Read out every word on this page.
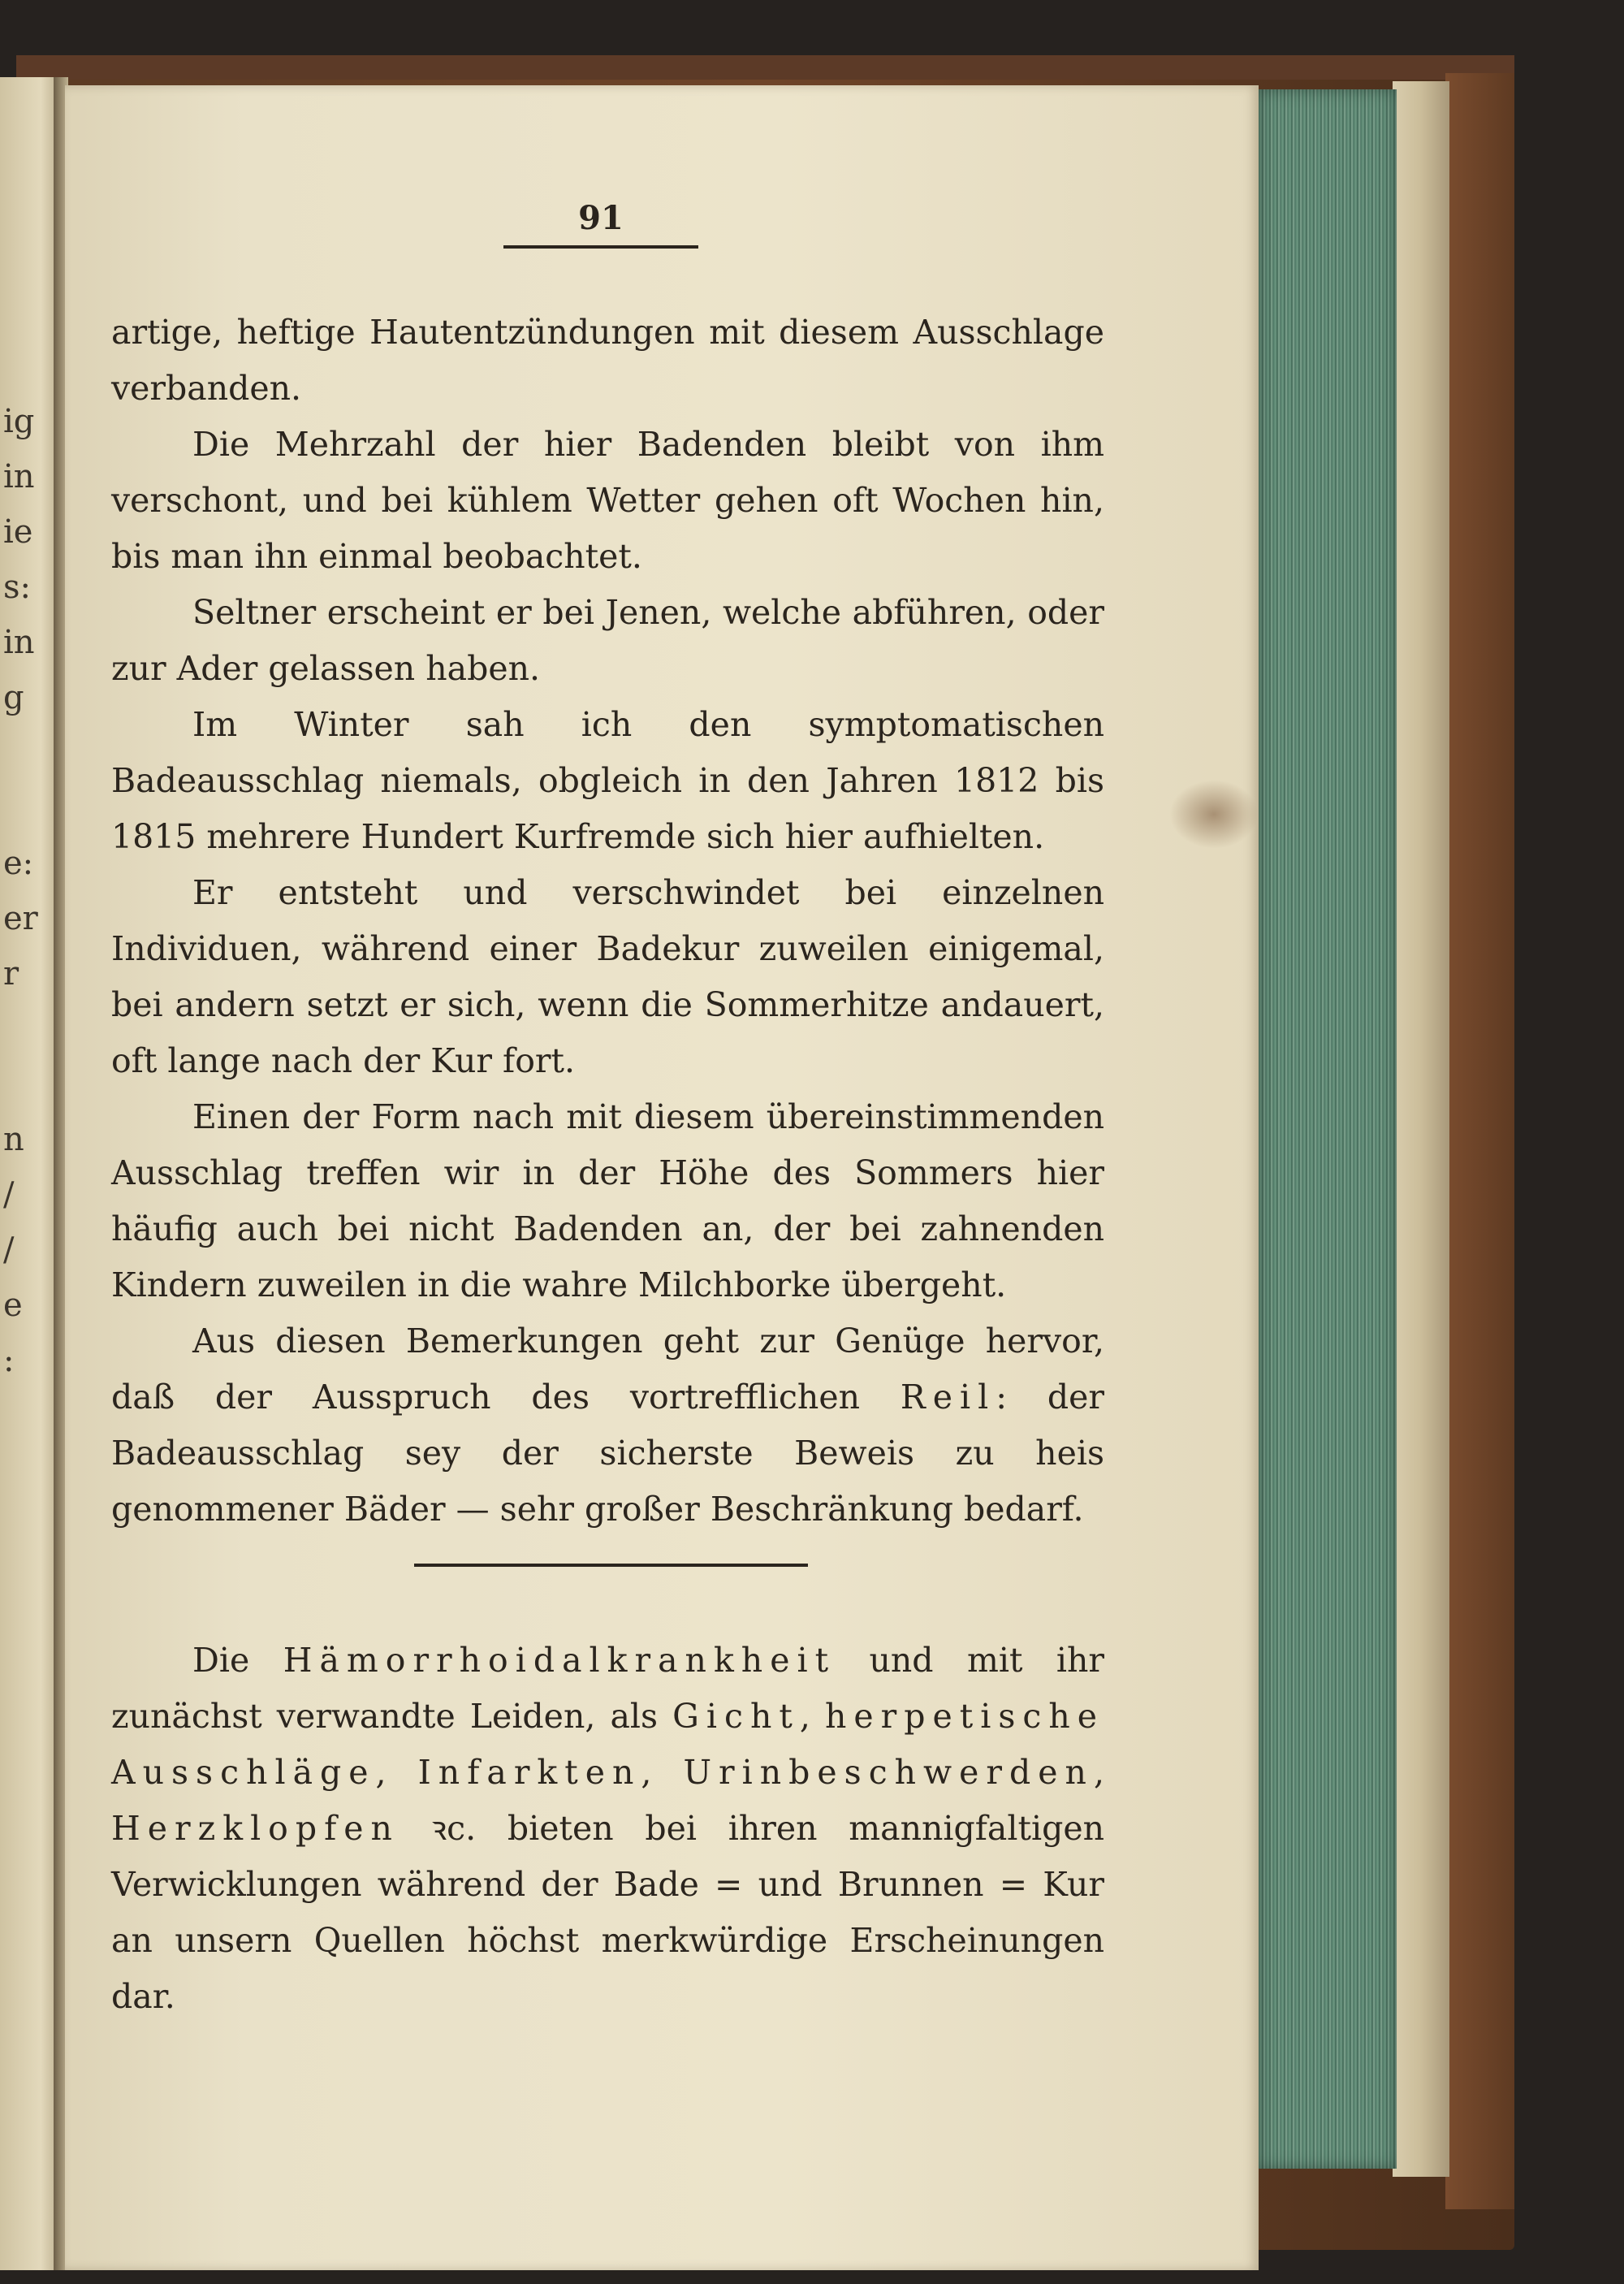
ig
in
ie
s:
in
g

e:
er
r

n
/
/
e
:
91

artige, heftige Hautentzündungen mit diesem Ausschlage verbanden.

Die Mehrzahl der hier Badenden bleibt von ihm verschont, und bei kühlem Wetter gehen oft Wochen hin, bis man ihn einmal beobachtet.

Seltner erscheint er bei Jenen, welche abführen, oder zur Ader gelassen haben.

Im Winter sah ich den symptomatischen Badeausschlag niemals, obgleich in den Jahren 1812 bis 1815 mehrere Hundert Kurfremde sich hier aufhielten.

Er entsteht und verschwindet bei einzelnen Individuen, während einer Badekur zuweilen einigemal, bei andern setzt er sich, wenn die Sommerhitze andauert, oft lange nach der Kur fort.

Einen der Form nach mit diesem übereinstimmenden Ausschlag treffen wir in der Höhe des Sommers hier häufig auch bei nicht Badenden an, der bei zahnenden Kindern zuweilen in die wahre Milchborke übergeht.

Aus diesen Bemerkungen geht zur Genüge hervor, daß der Ausspruch des vortrefflichen Reil: der Badeausschlag sey der sicherste Beweis zu heis genommener Bäder — sehr großer Beschränkung bedarf.

Die Hämorrhoidalkrankheit und mit ihr zunächst verwandte Leiden, als Gicht, herpetische Ausschläge, Infarkten, Urinbeschwerden, Herzklopfen ꝛc. bieten bei ihren mannigfaltigen Verwicklungen während der Bade = und Brunnen = Kur an unsern Quellen höchst merkwürdige Erscheinungen dar.
